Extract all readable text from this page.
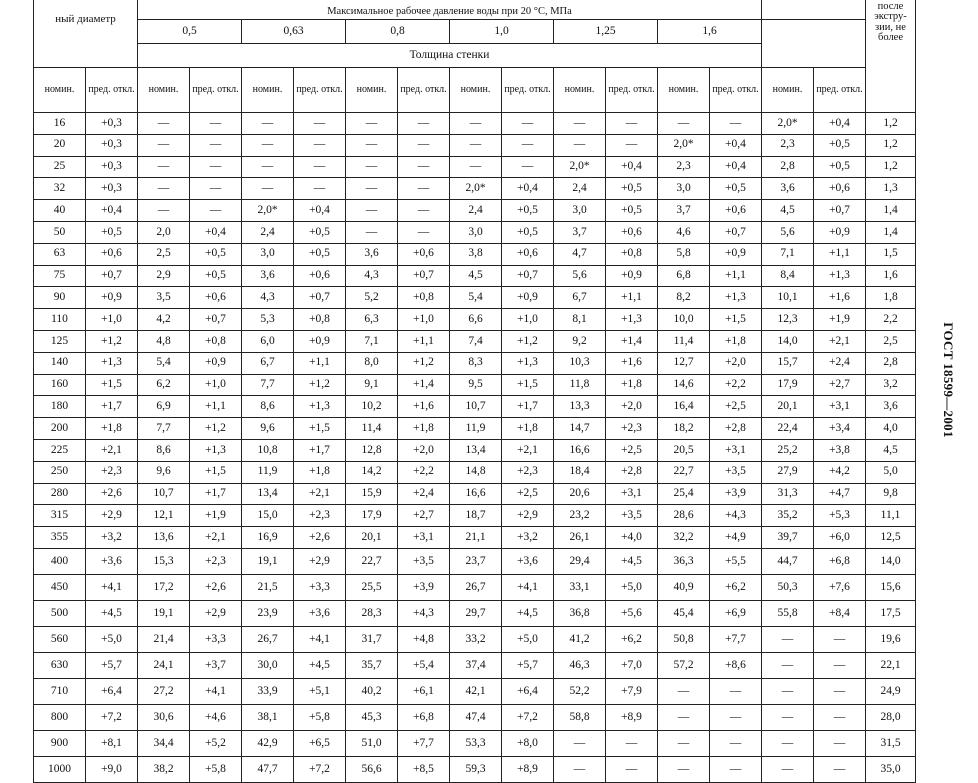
ный диаметр		Максимальное рабочее давление воды при 20 °С, МПа														после экстру-зии, не более
		0,5		0,63		0,8		1,0		1,25		1,6				
		Толщина стенки														
номин.	пред. откл.	номин.	пред. откл.	номин.	пред. откл.	номин.	пред. откл.	номин.	пред. откл.	номин.	пред. откл.	номин.	пред. откл.	номин.	пред. откл.	
16	+0,3	—	—	—	—	—	—	—	—	—	—	—	—	2,0*	+0,4	1,2
20	+0,3	—	—	—	—	—	—	—	—	—	—	2,0*	+0,4	2,3	+0,5	1,2
25	+0,3	—	—	—	—	—	—	—	—	2,0*	+0,4	2,3	+0,4	2,8	+0,5	1,2
32	+0,3	—	—	—	—	—	—	2,0*	+0,4	2,4	+0,5	3,0	+0,5	3,6	+0,6	1,3
40	+0,4	—	—	2,0*	+0,4	—	—	2,4	+0,5	3,0	+0,5	3,7	+0,6	4,5	+0,7	1,4
50	+0,5	2,0	+0,4	2,4	+0,5	—	—	3,0	+0,5	3,7	+0,6	4,6	+0,7	5,6	+0,9	1,4
63	+0,6	2,5	+0,5	3,0	+0,5	3,6	+0,6	3,8	+0,6	4,7	+0,8	5,8	+0,9	7,1	+1,1	1,5
75	+0,7	2,9	+0,5	3,6	+0,6	4,3	+0,7	4,5	+0,7	5,6	+0,9	6,8	+1,1	8,4	+1,3	1,6
90	+0,9	3,5	+0,6	4,3	+0,7	5,2	+0,8	5,4	+0,9	6,7	+1,1	8,2	+1,3	10,1	+1,6	1,8
110	+1,0	4,2	+0,7	5,3	+0,8	6,3	+1,0	6,6	+1,0	8,1	+1,3	10,0	+1,5	12,3	+1,9	2,2
125	+1,2	4,8	+0,8	6,0	+0,9	7,1	+1,1	7,4	+1,2	9,2	+1,4	11,4	+1,8	14,0	+2,1	2,5
140	+1,3	5,4	+0,9	6,7	+1,1	8,0	+1,2	8,3	+1,3	10,3	+1,6	12,7	+2,0	15,7	+2,4	2,8
160	+1,5	6,2	+1,0	7,7	+1,2	9,1	+1,4	9,5	+1,5	11,8	+1,8	14,6	+2,2	17,9	+2,7	3,2
180	+1,7	6,9	+1,1	8,6	+1,3	10,2	+1,6	10,7	+1,7	13,3	+2,0	16,4	+2,5	20,1	+3,1	3,6
200	+1,8	7,7	+1,2	9,6	+1,5	11,4	+1,8	11,9	+1,8	14,7	+2,3	18,2	+2,8	22,4	+3,4	4,0
225	+2,1	8,6	+1,3	10,8	+1,7	12,8	+2,0	13,4	+2,1	16,6	+2,5	20,5	+3,1	25,2	+3,8	4,5
250	+2,3	9,6	+1,5	11,9	+1,8	14,2	+2,2	14,8	+2,3	18,4	+2,8	22,7	+3,5	27,9	+4,2	5,0
280	+2,6	10,7	+1,7	13,4	+2,1	15,9	+2,4	16,6	+2,5	20,6	+3,1	25,4	+3,9	31,3	+4,7	9,8
315	+2,9	12,1	+1,9	15,0	+2,3	17,9	+2,7	18,7	+2,9	23,2	+3,5	28,6	+4,3	35,2	+5,3	11,1
355	+3,2	13,6	+2,1	16,9	+2,6	20,1	+3,1	21,1	+3,2	26,1	+4,0	32,2	+4,9	39,7	+6,0	12,5
400	+3,6	15,3	+2,3	19,1	+2,9	22,7	+3,5	23,7	+3,6	29,4	+4,5	36,3	+5,5	44,7	+6,8	14,0
450	+4,1	17,2	+2,6	21,5	+3,3	25,5	+3,9	26,7	+4,1	33,1	+5,0	40,9	+6,2	50,3	+7,6	15,6
500	+4,5	19,1	+2,9	23,9	+3,6	28,3	+4,3	29,7	+4,5	36,8	+5,6	45,4	+6,9	55,8	+8,4	17,5
560	+5,0	21,4	+3,3	26,7	+4,1	31,7	+4,8	33,2	+5,0	41,2	+6,2	50,8	+7,7	—	—	19,6
630	+5,7	24,1	+3,7	30,0	+4,5	35,7	+5,4	37,4	+5,7	46,3	+7,0	57,2	+8,6	—	—	22,1
710	+6,4	27,2	+4,1	33,9	+5,1	40,2	+6,1	42,1	+6,4	52,2	+7,9	—	—	—	—	24,9
800	+7,2	30,6	+4,6	38,1	+5,8	45,3	+6,8	47,4	+7,2	58,8	+8,9	—	—	—	—	28,0
900	+8,1	34,4	+5,2	42,9	+6,5	51,0	+7,7	53,3	+8,0	—	—	—	—	—	—	31,5
1000	+9,0	38,2	+5,8	47,7	+7,2	56,6	+8,5	59,3	+8,9	—	—	—	—	—	—	35,0
ГОСТ 18599—2001
